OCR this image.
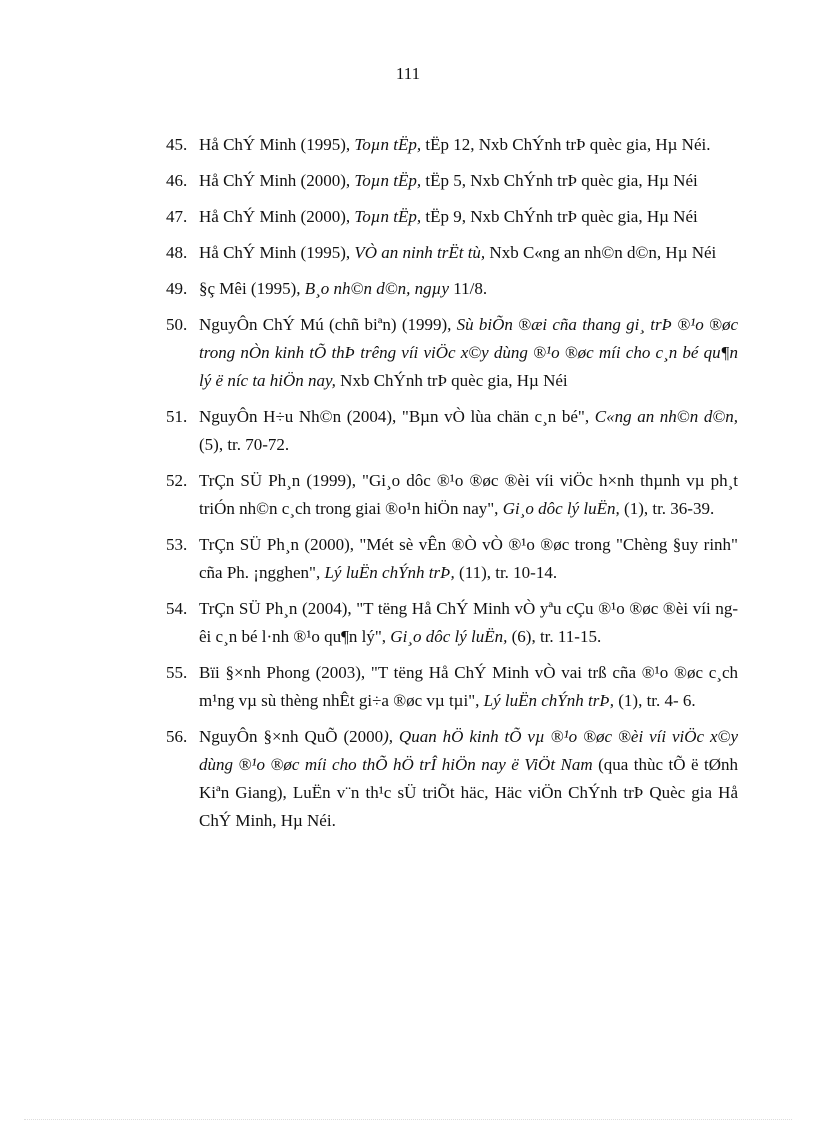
111
45. Hå ChÝ Minh (1995), Toµn tËp, tËp 12, Nxb ChÝnh trÞ quèc gia, Hµ Néi.
46. Hå ChÝ Minh (2000), Toµn tËp, tËp 5, Nxb ChÝnh trÞ quèc gia, Hµ Néi
47. Hå ChÝ Minh (2000), Toµn tËp, tËp 9, Nxb ChÝnh trÞ quèc gia, Hµ Néi
48. Hå ChÝ Minh (1995), VÒ an ninh trËt tù, Nxb C«ng an nh©n d©n, Hµ Néi
49. §ç Mêi (1995), B¸o nh©n d©n, ngµy 11/8.
50. NguyÔn ChÝ Mú (chñ biªn) (1999), Sù biÕn ®æi cña thang gi¸ trÞ ®¹o ®øc trong nÒn kinh tÕ thÞ trêng víi viÖc x©y dùng ®¹o ®øc míi cho c¸n bé qu¶n lý ë níc ta hiÖn nay, Nxb ChÝnh trÞ quèc gia, Hµ Néi
51. NguyÔn H÷u Nh©n (2004), "Bµn vÒ lùa chän c¸n bé", C«ng an nh©n d©n, (5), tr. 70-72.
52. TrÇn SÜ Ph¸n (1999), "Gi¸o dôc ®¹o ®øc ®èi víi viÖc h×nh thµnh vµ ph¸t triÓn nh©n c¸ch trong giai ®o¹n hiÖn nay", Gi¸o dôc lý luËn, (1), tr. 36-39.
53. TrÇn SÜ Ph¸n (2000), "Mét sè vÊn ®Ò vÒ ®¹o ®øc trong "Chèng §uy rinh" cña Ph. ¡ngghen", Lý luËn chÝnh trÞ, (11), tr. 10-14.
54. TrÇn SÜ Ph¸n (2004), "T tëng Hå ChÝ Minh vÒ yªu cÇu ®¹o ®øc ®èi víi ngêi c¸n bé l·nh ®¹o qu¶n lý", Gi¸o dôc lý luËn, (6), tr. 11-15.
55. Bïi §×nh Phong (2003), "T tëng Hå ChÝ Minh vÒ vai trß cña ®¹o ®øc c¸ch m¹ng vµ sù thèng nhÊt gi÷a ®øc vµ tµi", Lý luËn chÝnh trÞ, (1), tr. 4- 6.
56. NguyÔn §×nh QuÕ (2000), Quan hÖ kinh tÕ vµ ®¹o ®øc ®èi víi viÖc x©y dùng ®¹o ®øc míi cho thÕ hÖ trÎ hiÖn nay ë ViÖt Nam (qua thùc tÕ ë tØnh Kiªn Giang), LuËn v¨n th¹c sÜ triÕt häc, Häc viÖn ChÝnh trÞ Quèc gia Hå ChÝ Minh, Hµ Néi.
